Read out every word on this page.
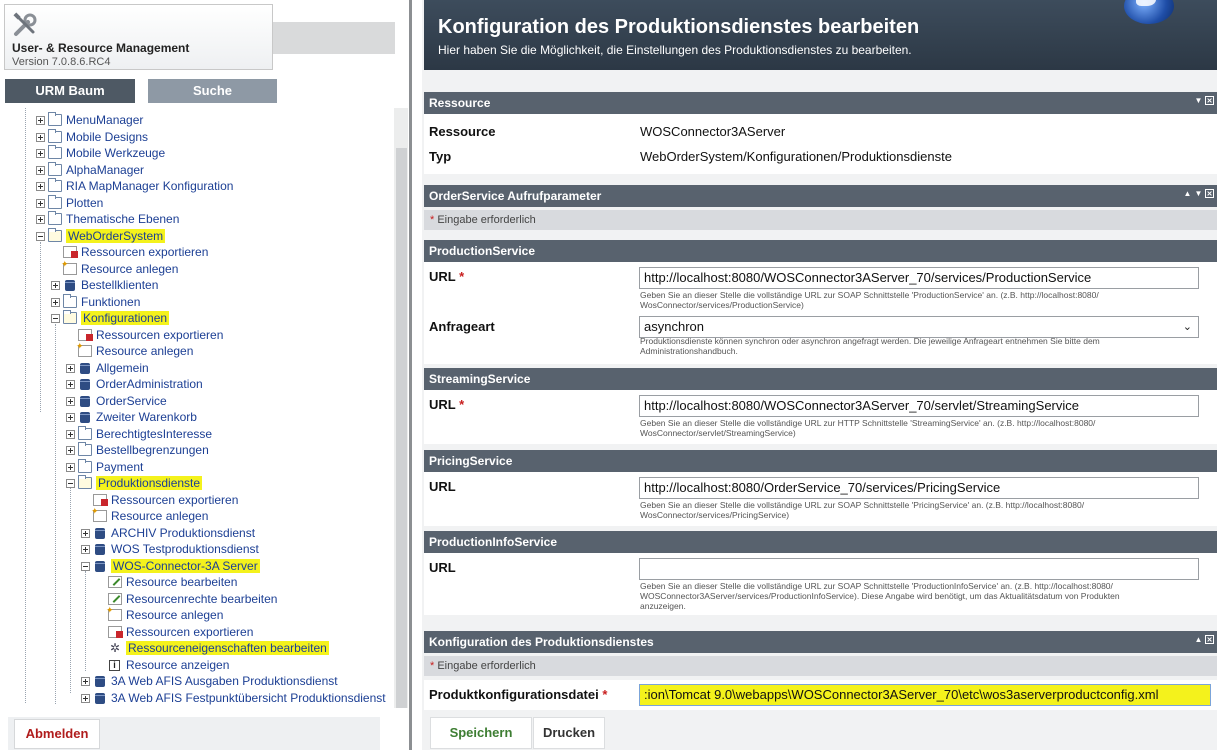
User- & Resource Management
Version 7.0.8.6.RC4
URM Baum	Suche
MenuManager
Mobile Designs
Mobile Werkzeuge
AlphaManager
RIA MapManager Konfiguration
Plotten
Thematische Ebenen
WebOrderSystem
Ressourcen exportieren
✦
Resource anlegen
Bestellklienten
Funktionen
Konfigurationen
Ressourcen exportieren
✦
Resource anlegen
Allgemein
OrderAdministration
OrderService
Zweiter Warenkorb
BerechtigtesInteresse
Bestellbegrenzungen
Payment
Produktionsdienste
Ressourcen exportieren
✦
Resource anlegen
ARCHIV Produktionsdienst
WOS Testproduktionsdienst
WOS-Connector-3A Server
Resource bearbeiten
Resourcenrechte bearbeiten
✦
Resource anlegen
Ressourcen exportieren
✲ Ressourceneigenschaften bearbeiten
i Resource anzeigen
3A Web AFIS Ausgaben Produktionsdienst
3A Web AFIS Festpunktübersicht Produktionsdienst
Abmelden
Konfiguration des Produktionsdienstes bearbeiten
Hier haben Sie die Möglichkeit, die Einstellungen des Produktionsdienstes zu bearbeiten.
Ressource	▼ ✕
Ressource	WOSConnector3AServer
Typ	WebOrderSystem/Konfigurationen/Produktionsdienste
OrderService Aufrufparameter	▲ ▼ ✕
* Eingabe erforderlich
ProductionService
URL *	http://localhost:8080/WOSConnector3AServer_70/services/ProductionService
Geben Sie an dieser Stelle die vollständige URL zur SOAP Schnittstelle 'ProductionService' an. (z.B. http://localhost:8080/
WosConnector/services/ProductionService)
Anfrageart	asynchron	⌄
Produktionsdienste können synchron oder asynchron angefragt werden. Die jeweilige Anfrageart entnehmen Sie bitte dem
Administrationshandbuch.
StreamingService
URL *	http://localhost:8080/WOSConnector3AServer_70/servlet/StreamingService
Geben Sie an dieser Stelle die vollständige URL zur HTTP Schnittstelle 'StreamingService' an. (z.B. http://localhost:8080/
WosConnector/servlet/StreamingService)
PricingService
URL	http://localhost:8080/OrderService_70/services/PricingService
Geben Sie an dieser Stelle die vollständige URL zur SOAP Schnittstelle 'PricingService' an. (z.B. http://localhost:8080/
WosConnector/services/PricingService)
ProductionInfoService
URL
Geben Sie an dieser Stelle die vollständige URL zur SOAP Schnittstelle 'ProductionInfoService' an. (z.B. http://localhost:8080/
WOSConnector3AServer/services/ProductionInfoService). Diese Angabe wird benötigt, um das Aktualitätsdatum von Produkten
anzuzeigen.
Konfiguration des Produktionsdienstes	▲ ✕
* Eingabe erforderlich
Produktkonfigurationsdatei *	:ion\Tomcat 9.0\webapps\WOSConnector3AServer_70\etc\wos3aserverproductconfig.xml
Speichern	Drucken
